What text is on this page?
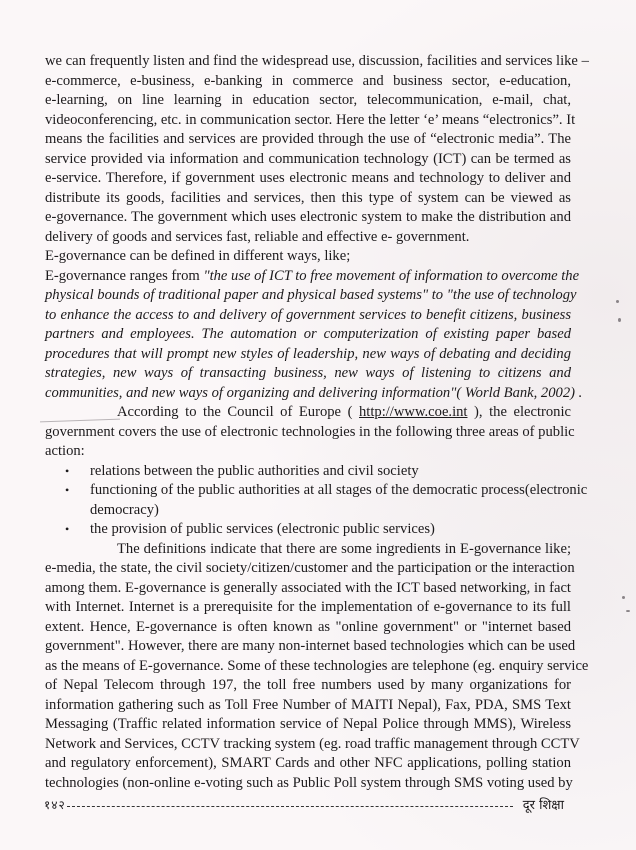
we can frequently listen and find the widespread use, discussion, facilities and services like –
e-commerce, e-business, e-banking in commerce and business sector, e-education,
e-learning, on line learning in education sector, telecommunication, e-mail, chat,
videoconferencing, etc. in communication sector. Here the letter ‘e’ means “electronics”. It
means the facilities and services are provided through the use of “electronic media”. The
service provided via information and communication technology (ICT) can be termed as
e-service. Therefore, if government uses electronic means and technology to deliver and
distribute its goods, facilities and services, then this type of system can be viewed as
e-governance. The government which uses electronic system to make the distribution and
delivery of goods and services fast, reliable and effective e- government.
E-governance can be defined in different ways, like;
E-governance ranges from "the use of ICT to free movement of information to overcome the
physical bounds of traditional paper and physical based systems" to "the use of technology
to enhance the access to and delivery of government services to benefit citizens, business
partners and employees. The automation or computerization of existing paper based
procedures that will prompt new styles of leadership, new ways of debating and deciding
strategies, new ways of transacting business, new ways of listening to citizens and
communities, and new ways of organizing and delivering information"( World Bank, 2002) .
According to the Council of Europe ( http://www.coe.int ), the electronic
government covers the use of electronic technologies in the following three areas of public
action:
• relations between the public authorities and civil society
• functioning of the public authorities at all stages of the democratic process(electronic
democracy)
• the provision of public services (electronic public services)
The definitions indicate that there are some ingredients in E-governance like;
e-media, the state, the civil society/citizen/customer and the participation or the interaction
among them. E-governance is generally associated with the ICT based networking, in fact
with Internet. Internet is a prerequisite for the implementation of e-governance to its full
extent. Hence, E-governance is often known as "online government" or "internet based
government". However, there are many non-internet based technologies which can be used
as the means of E-governance. Some of these technologies are telephone (eg. enquiry service
of Nepal Telecom through 197, the toll free numbers used by many organizations for
information gathering such as Toll Free Number of MAITI Nepal), Fax, PDA, SMS Text
Messaging (Traffic related information service of Nepal Police through MMS), Wireless
Network and Services, CCTV tracking system (eg. road traffic management through CCTV
and regulatory enforcement), SMART Cards and other NFC applications, polling station
technologies (non-online e-voting such as Public Poll system through SMS voting used by
१४२	दूर शिक्षा
